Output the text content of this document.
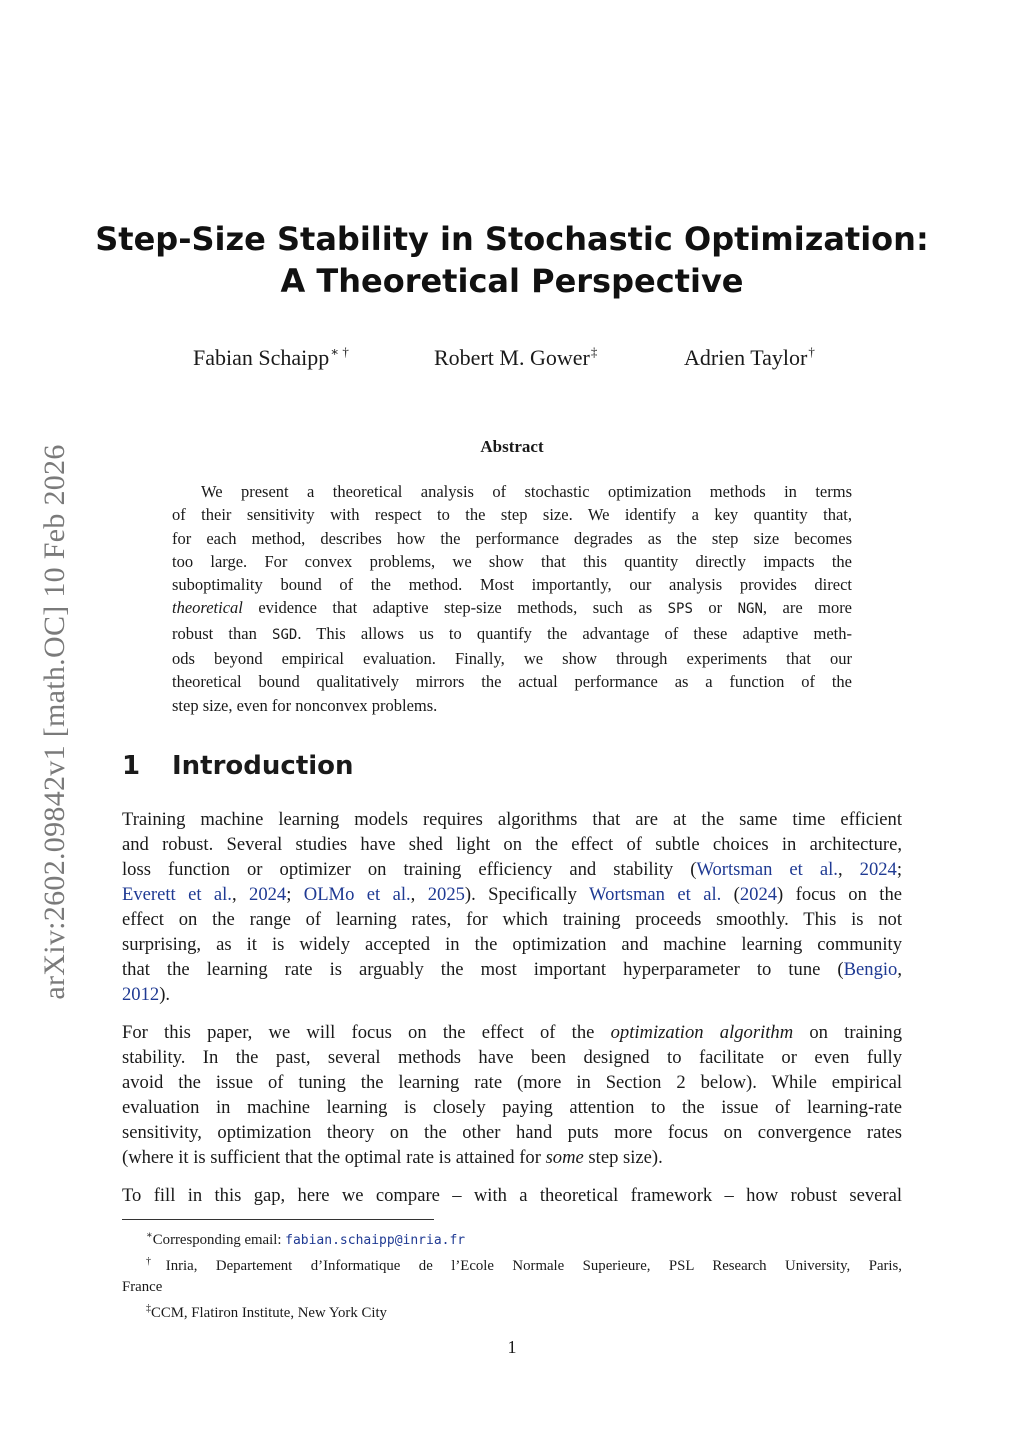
arXiv:2602.09842v1 [math.OC] 10 Feb 2026
Step-Size Stability in Stochastic Optimization:
A Theoretical Perspective
Fabian Schaipp∗ †	Robert M. Gower‡	Adrien Taylor†
Abstract
We present a theoretical analysis of stochastic optimization methods in terms
of their sensitivity with respect to the step size. We identify a key quantity that,
for each method, describes how the performance degrades as the step size becomes
too large. For convex problems, we show that this quantity directly impacts the
suboptimality bound of the method. Most importantly, our analysis provides direct
theoretical evidence that adaptive step-size methods, such as SPS or NGN, are more
robust than SGD. This allows us to quantify the advantage of these adaptive meth-
ods beyond empirical evaluation. Finally, we show through experiments that our
theoretical bound qualitatively mirrors the actual performance as a function of the
step size, even for nonconvex problems.
1 Introduction
Training machine learning models requires algorithms that are at the same time efficient
and robust. Several studies have shed light on the effect of subtle choices in architecture,
loss function or optimizer on training efficiency and stability (Wortsman et al., 2024;
Everett et al., 2024; OLMo et al., 2025). Specifically Wortsman et al. (2024) focus on the
effect on the range of learning rates, for which training proceeds smoothly. This is not
surprising, as it is widely accepted in the optimization and machine learning community
that the learning rate is arguably the most important hyperparameter to tune (Bengio,
2012).
For this paper, we will focus on the effect of the optimization algorithm on training
stability. In the past, several methods have been designed to facilitate or even fully
avoid the issue of tuning the learning rate (more in Section 2 below). While empirical
evaluation in machine learning is closely paying attention to the issue of learning-rate
sensitivity, optimization theory on the other hand puts more focus on convergence rates
(where it is sufficient that the optimal rate is attained for some step size).
To fill in this gap, here we compare – with a theoretical framework – how robust several
∗Corresponding email: fabian.schaipp@inria.fr
†Inria, Departement d’Informatique de l’Ecole Normale Superieure, PSL Research University, Paris,
France
‡CCM, Flatiron Institute, New York City
1
